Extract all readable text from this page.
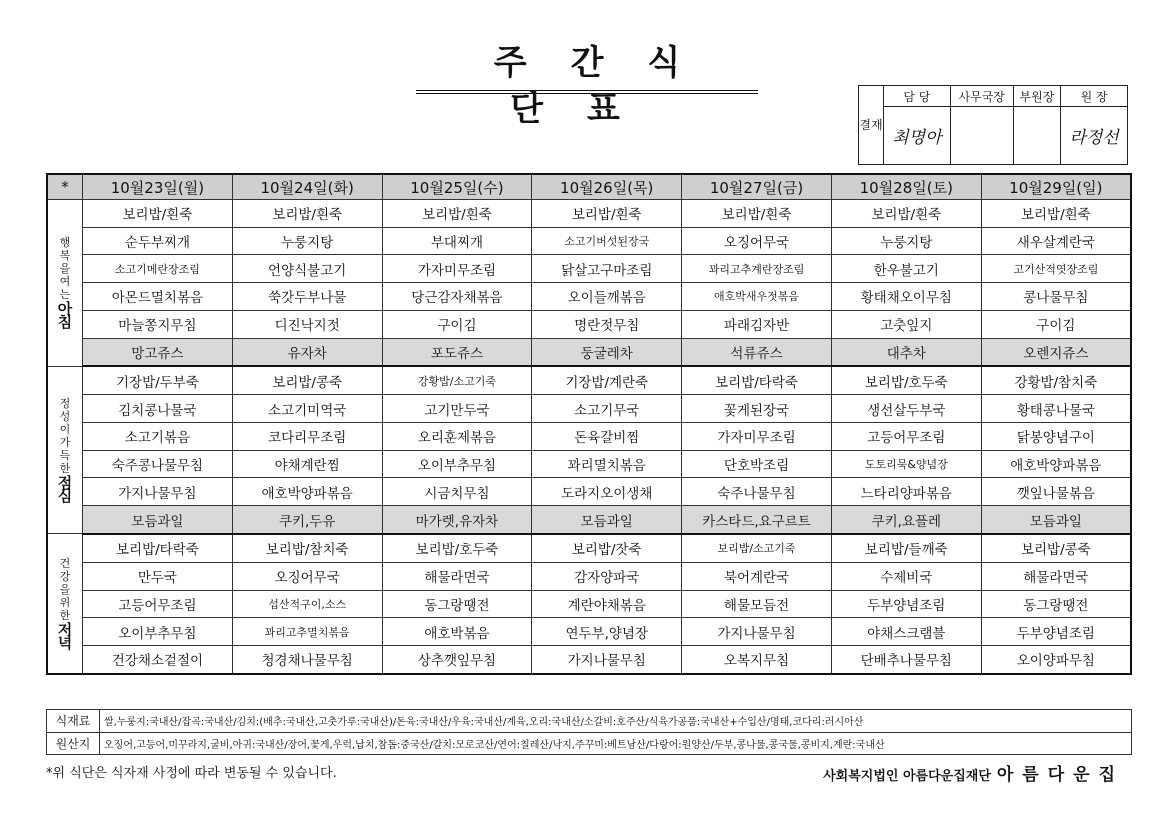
주간식단표	결재	담 당	사무국장	부원장	원 장
	최명아			라정선
*	10월23일(월)	10월24일(화)	10월25일(수)	10월26일(목)	10월27일(금)	10월28일(토)	10월29일(일)

행복을여는
아침	보리밥/흰죽	보리밥/흰죽	보리밥/흰죽	보리밥/흰죽	보리밥/흰죽	보리밥/흰죽	보리밥/흰죽
	순두부찌개	누룽지탕	부대찌개	소고기버섯된장국	오징어무국	누룽지탕	새우살계란국
	소고기메란장조림	언양식불고기	가자미무조림	닭살고구마조림	꽈리고추계란장조림	한우불고기	고기산적엿장조림
	아몬드멸치볶음	쑥갓두부나물	당근감자채볶음	오이들깨볶음	애호박새우젓볶음	황태채오이무침	콩나물무침
	마늘쫑지무침	디진낙지젓	구이김	명란젓무침	파래김자반	고춧잎지	구이김
	망고쥬스	유자차	포도쥬스	둥굴레차	석류쥬스	대추차	오렌지쥬스

정성이가득한
점심	기장밥/두부죽	보리밥/콩죽	강황밥/소고기죽	기장밥/계란죽	보리밥/타락죽	보리밥/호두죽	강황밥/참치죽
	김치콩나물국	소고기미역국	고기만두국	소고기무국	꽃게된장국	생선살두부국	황태콩나물국
	소고기볶음	코다리무조림	오리훈제볶음	돈육갈비찜	가자미무조림	고등어무조림	닭봉양념구이
	숙주콩나물무침	야채계란찜	오이부추무침	꽈리멸치볶음	단호박조림	도토리묵&양념장	애호박양파볶음
	가지나물무침	애호박양파볶음	시금치무침	도라지오이생채	숙주나물무침	느타리양파볶음	깻잎나물볶음
	모듬과일	쿠키,두유	마가렛,유자차	모듬과일	카스타드,요구르트	쿠키,요플레	모듬과일

건강을위한
저녁	보리밥/타락죽	보리밥/참치죽	보리밥/호두죽	보리밥/잣죽	보리밥/소고기죽	보리밥/들깨죽	보리밥/콩죽
	만두국	오징어무국	해물라면국	감자양파국	북어계란국	수제비국	해물라면국
	고등어무조림	섭산적구이,소스	동그랑땡전	계란야채볶음	해물모듬전	두부양념조림	동그랑땡전
	오이부추무침	꽈리고추멸치볶음	애호박볶음	연두부,양념장	가지나물무침	야채스크램블	두부양념조림
	건강채소겉절이	청경채나물무침	상추깻잎무침	가지나물무침	오복지무침	단배추나물무침	오이양파무침
식재료	쌀,누룽지:국내산/잡곡:국내산/김치:(배추:국내산,고춧가루:국내산)/돈육:국내산/우육:국내산/계육,오리:국내산/소갈비:호주산/식육가공품:국내산+수입산/명태,코다리:러시아산
원산지	오징어,고등어,미꾸라지,굴비,아귀:국내산/장어,꽃게,우럭,납치,참돔:중국산/갈치:모로코산/연어:칠레산/낙지,주꾸미:베트남산/다랑어:원양산/두부,콩나물,콩국물,콩비지,계란:국내산
*위 식단은 식자재 사정에 따라 변동될 수 있습니다.	사회복지법인 아름다운집재단 아름다운집
